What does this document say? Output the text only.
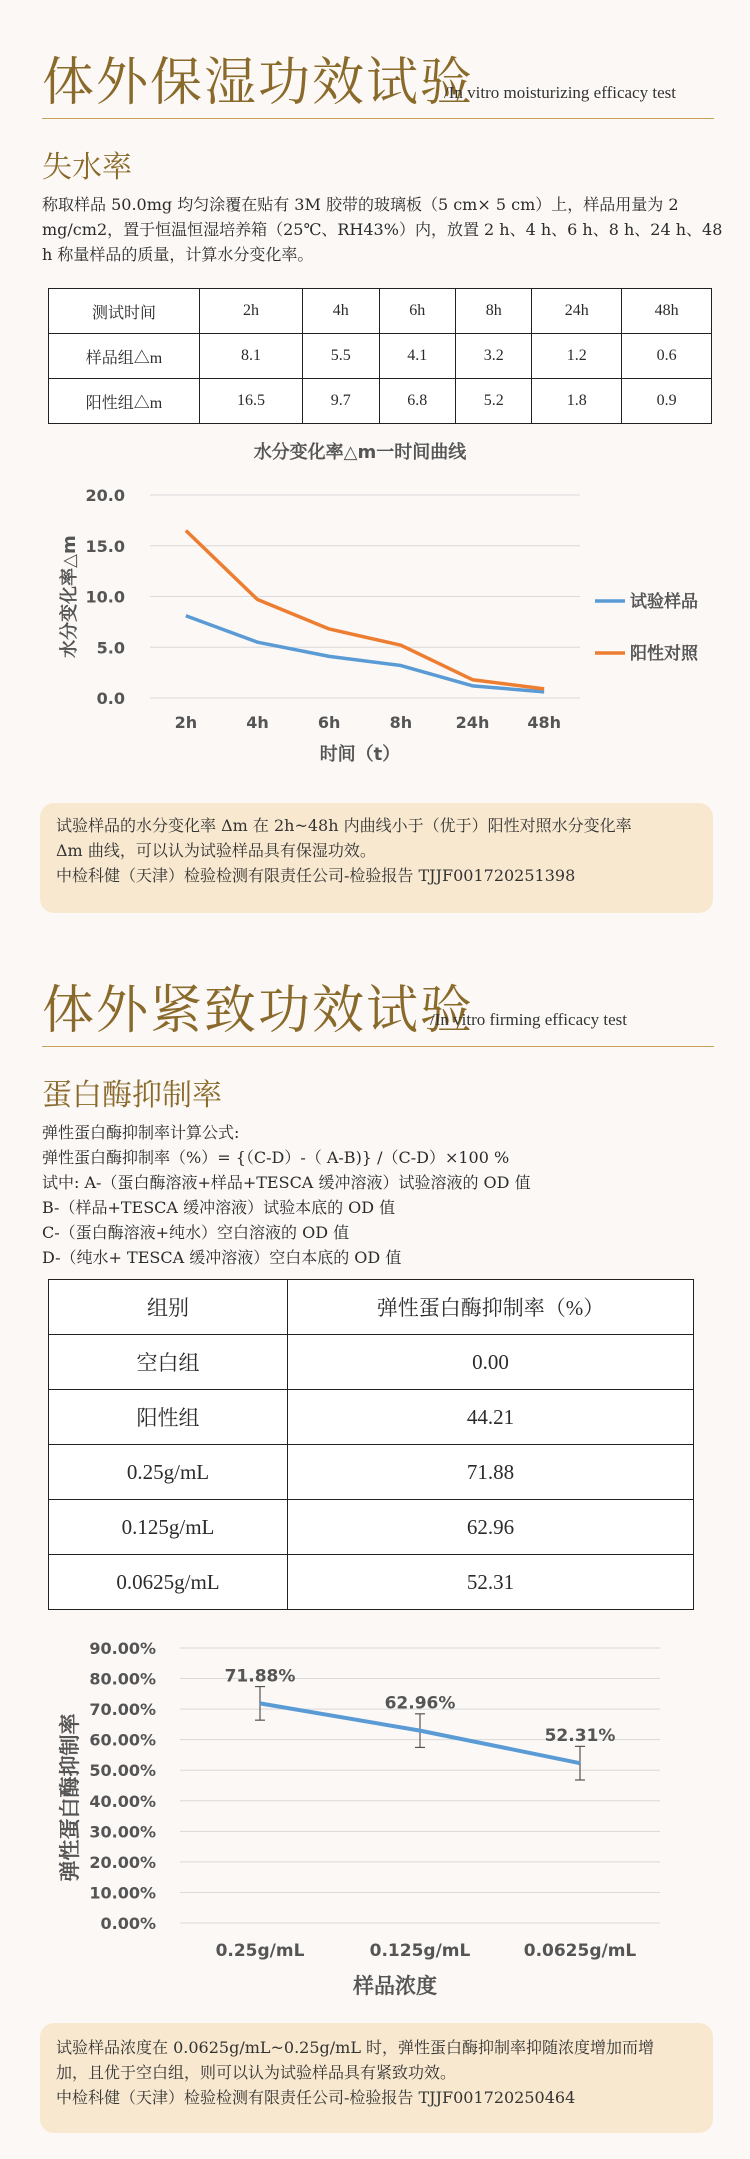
体外保湿功效试验
/In vitro moisturizing efficacy test
失水率
称取样品 50.0mg 均匀涂覆在贴有 3M 胶带的玻璃板（5 cm× 5 cm）上，样品用量为 2
mg/cm2，置于恒温恒湿培养箱（25℃、RH43%）内，放置 2 h、4 h、6 h、8 h、24 h、48
h 称量样品的质量，计算水分变化率。
测试时间	2h	4h	6h	8h	24h	48h
样品组△m	8.1	5.5	4.1	3.2	1.2	0.6
阳性组△m	16.5	9.7	6.8	5.2	1.8	0.9
水分变化率△m一时间曲线
0.0
5.0
10.0
15.0
20.0
2h	4h	6h	8h	24h 48h
时间（t）
水分变化率△m	试验样品
阳性对照
试验样品的水分变化率 Δm 在 2h~48h 内曲线小于（优于）阳性对照水分变化率
Δm 曲线，可以认为试验样品具有保湿功效。
中检科健（天津）检验检测有限责任公司-检验报告 TJJF001720251398
体外紧致功效试验
/In vitro firming efficacy test
蛋白酶抑制率
弹性蛋白酶抑制率计算公式:
弹性蛋白酶抑制率（%）= {（C-D）-（ A-B)} /（C-D）×100 %
试中: A-（蛋白酶溶液+样品+TESCA 缓冲溶液）试验溶液的 OD 值
B-（样品+TESCA 缓冲溶液）试验本底的 OD 值
C-（蛋白酶溶液+纯水）空白溶液的 OD 值
D-（纯水+ TESCA 缓冲溶液）空白本底的 OD 值
组别	弹性蛋白酶抑制率（%）
空白组	0.00
阳性组	44.21
0.25g/mL	71.88
0.125g/mL	62.96
0.0625g/mL	52.31
0.00%
10.00%
20.00%
30.00%
40.00%
50.00%
60.00%
70.00%
80.00%
90.00%
0.25g/mL	0.125g/mL	0.0625g/mL
样品浓度
弹性蛋白酶抑制率
71.88%
62.96%
52.31%
试验样品浓度在 0.0625g/mL~0.25g/mL 时，弹性蛋白酶抑制率抑随浓度增加而增
加，且优于空白组，则可以认为试验样品具有紧致功效。
中检科健（天津）检验检测有限责任公司-检验报告 TJJF001720250464
